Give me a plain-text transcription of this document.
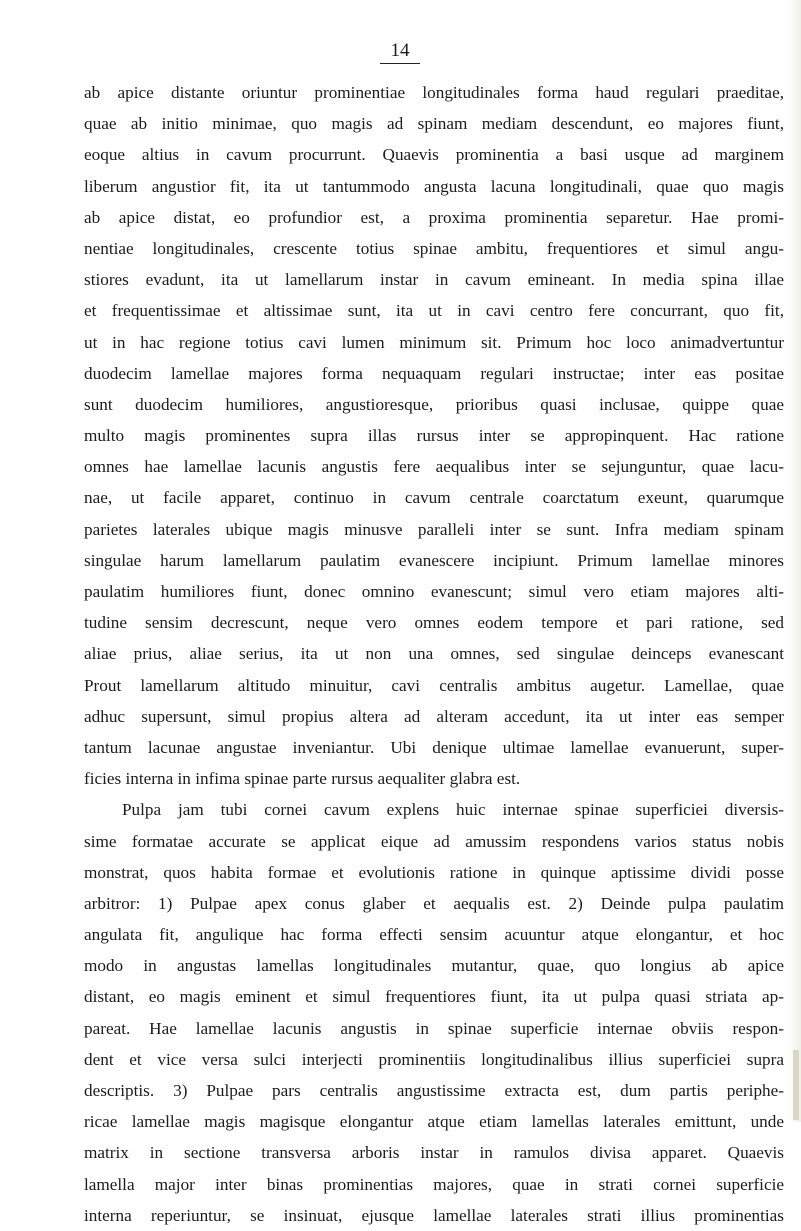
14
ab apice distante oriuntur prominentiae longitudinales forma haud regulari praeditae,
quae ab initio minimae, quo magis ad spinam mediam descendunt, eo majores fiunt,
eoque altius in cavum procurrunt. Quaevis prominentia a basi usque ad marginem
liberum angustior fit, ita ut tantummodo angusta lacuna longitudinali, quae quo magis
ab apice distat, eo profundior est, a proxima prominentia separetur. Hae promi-
nentiae longitudinales, crescente totius spinae ambitu, frequentiores et simul angu-
stiores evadunt, ita ut lamellarum instar in cavum emineant. In media spina illae
et frequentissimae et altissimae sunt, ita ut in cavi centro fere concurrant, quo fit,
ut in hac regione totius cavi lumen minimum sit. Primum hoc loco animadvertuntur
duodecim lamellae majores forma nequaquam regulari instructae; inter eas positae
sunt duodecim humiliores, angustioresque, prioribus quasi inclusae, quippe quae
multo magis prominentes supra illas rursus inter se appropinquent. Hac ratione
omnes hae lamellae lacunis angustis fere aequalibus inter se sejunguntur, quae lacu-
nae, ut facile apparet, continuo in cavum centrale coarctatum exeunt, quarumque
parietes laterales ubique magis minusve paralleli inter se sunt. Infra mediam spinam
singulae harum lamellarum paulatim evanescere incipiunt. Primum lamellae minores
paulatim humiliores fiunt, donec omnino evanescunt; simul vero etiam majores alti-
tudine sensim decrescunt, neque vero omnes eodem tempore et pari ratione, sed
aliae prius, aliae serius, ita ut non una omnes, sed singulae deinceps evanescant
Prout lamellarum altitudo minuitur, cavi centralis ambitus augetur. Lamellae, quae
adhuc supersunt, simul propius altera ad alteram accedunt, ita ut inter eas semper
tantum lacunae angustae inveniantur. Ubi denique ultimae lamellae evanuerunt, super-
ficies interna in infima spinae parte rursus aequaliter glabra est.
Pulpa jam tubi cornei cavum explens huic internae spinae superficiei diversis-
sime formatae accurate se applicat eique ad amussim respondens varios status nobis
monstrat, quos habita formae et evolutionis ratione in quinque aptissime dividi posse
arbitror: 1) Pulpae apex conus glaber et aequalis est. 2) Deinde pulpa paulatim
angulata fit, angulique hac forma effecti sensim acuuntur atque elongantur, et hoc
modo in angustas lamellas longitudinales mutantur, quae, quo longius ab apice
distant, eo magis eminent et simul frequentiores fiunt, ita ut pulpa quasi striata ap-
pareat. Hae lamellae lacunis angustis in spinae superficie internae obviis respon-
dent et vice versa sulci interjecti prominentiis longitudinalibus illius superficiei supra
descriptis. 3) Pulpae pars centralis angustissime extracta est, dum partis periphe-
ricae lamellae magis magisque elongantur atque etiam lamellas laterales emittunt, unde
matrix in sectione transversa arboris instar in ramulos divisa apparet. Quaevis
lamella major inter binas prominentias majores, quae in strati cornei superficie
interna reperiuntur, se insinuat, ejusque lamellae laterales strati illius prominentias
